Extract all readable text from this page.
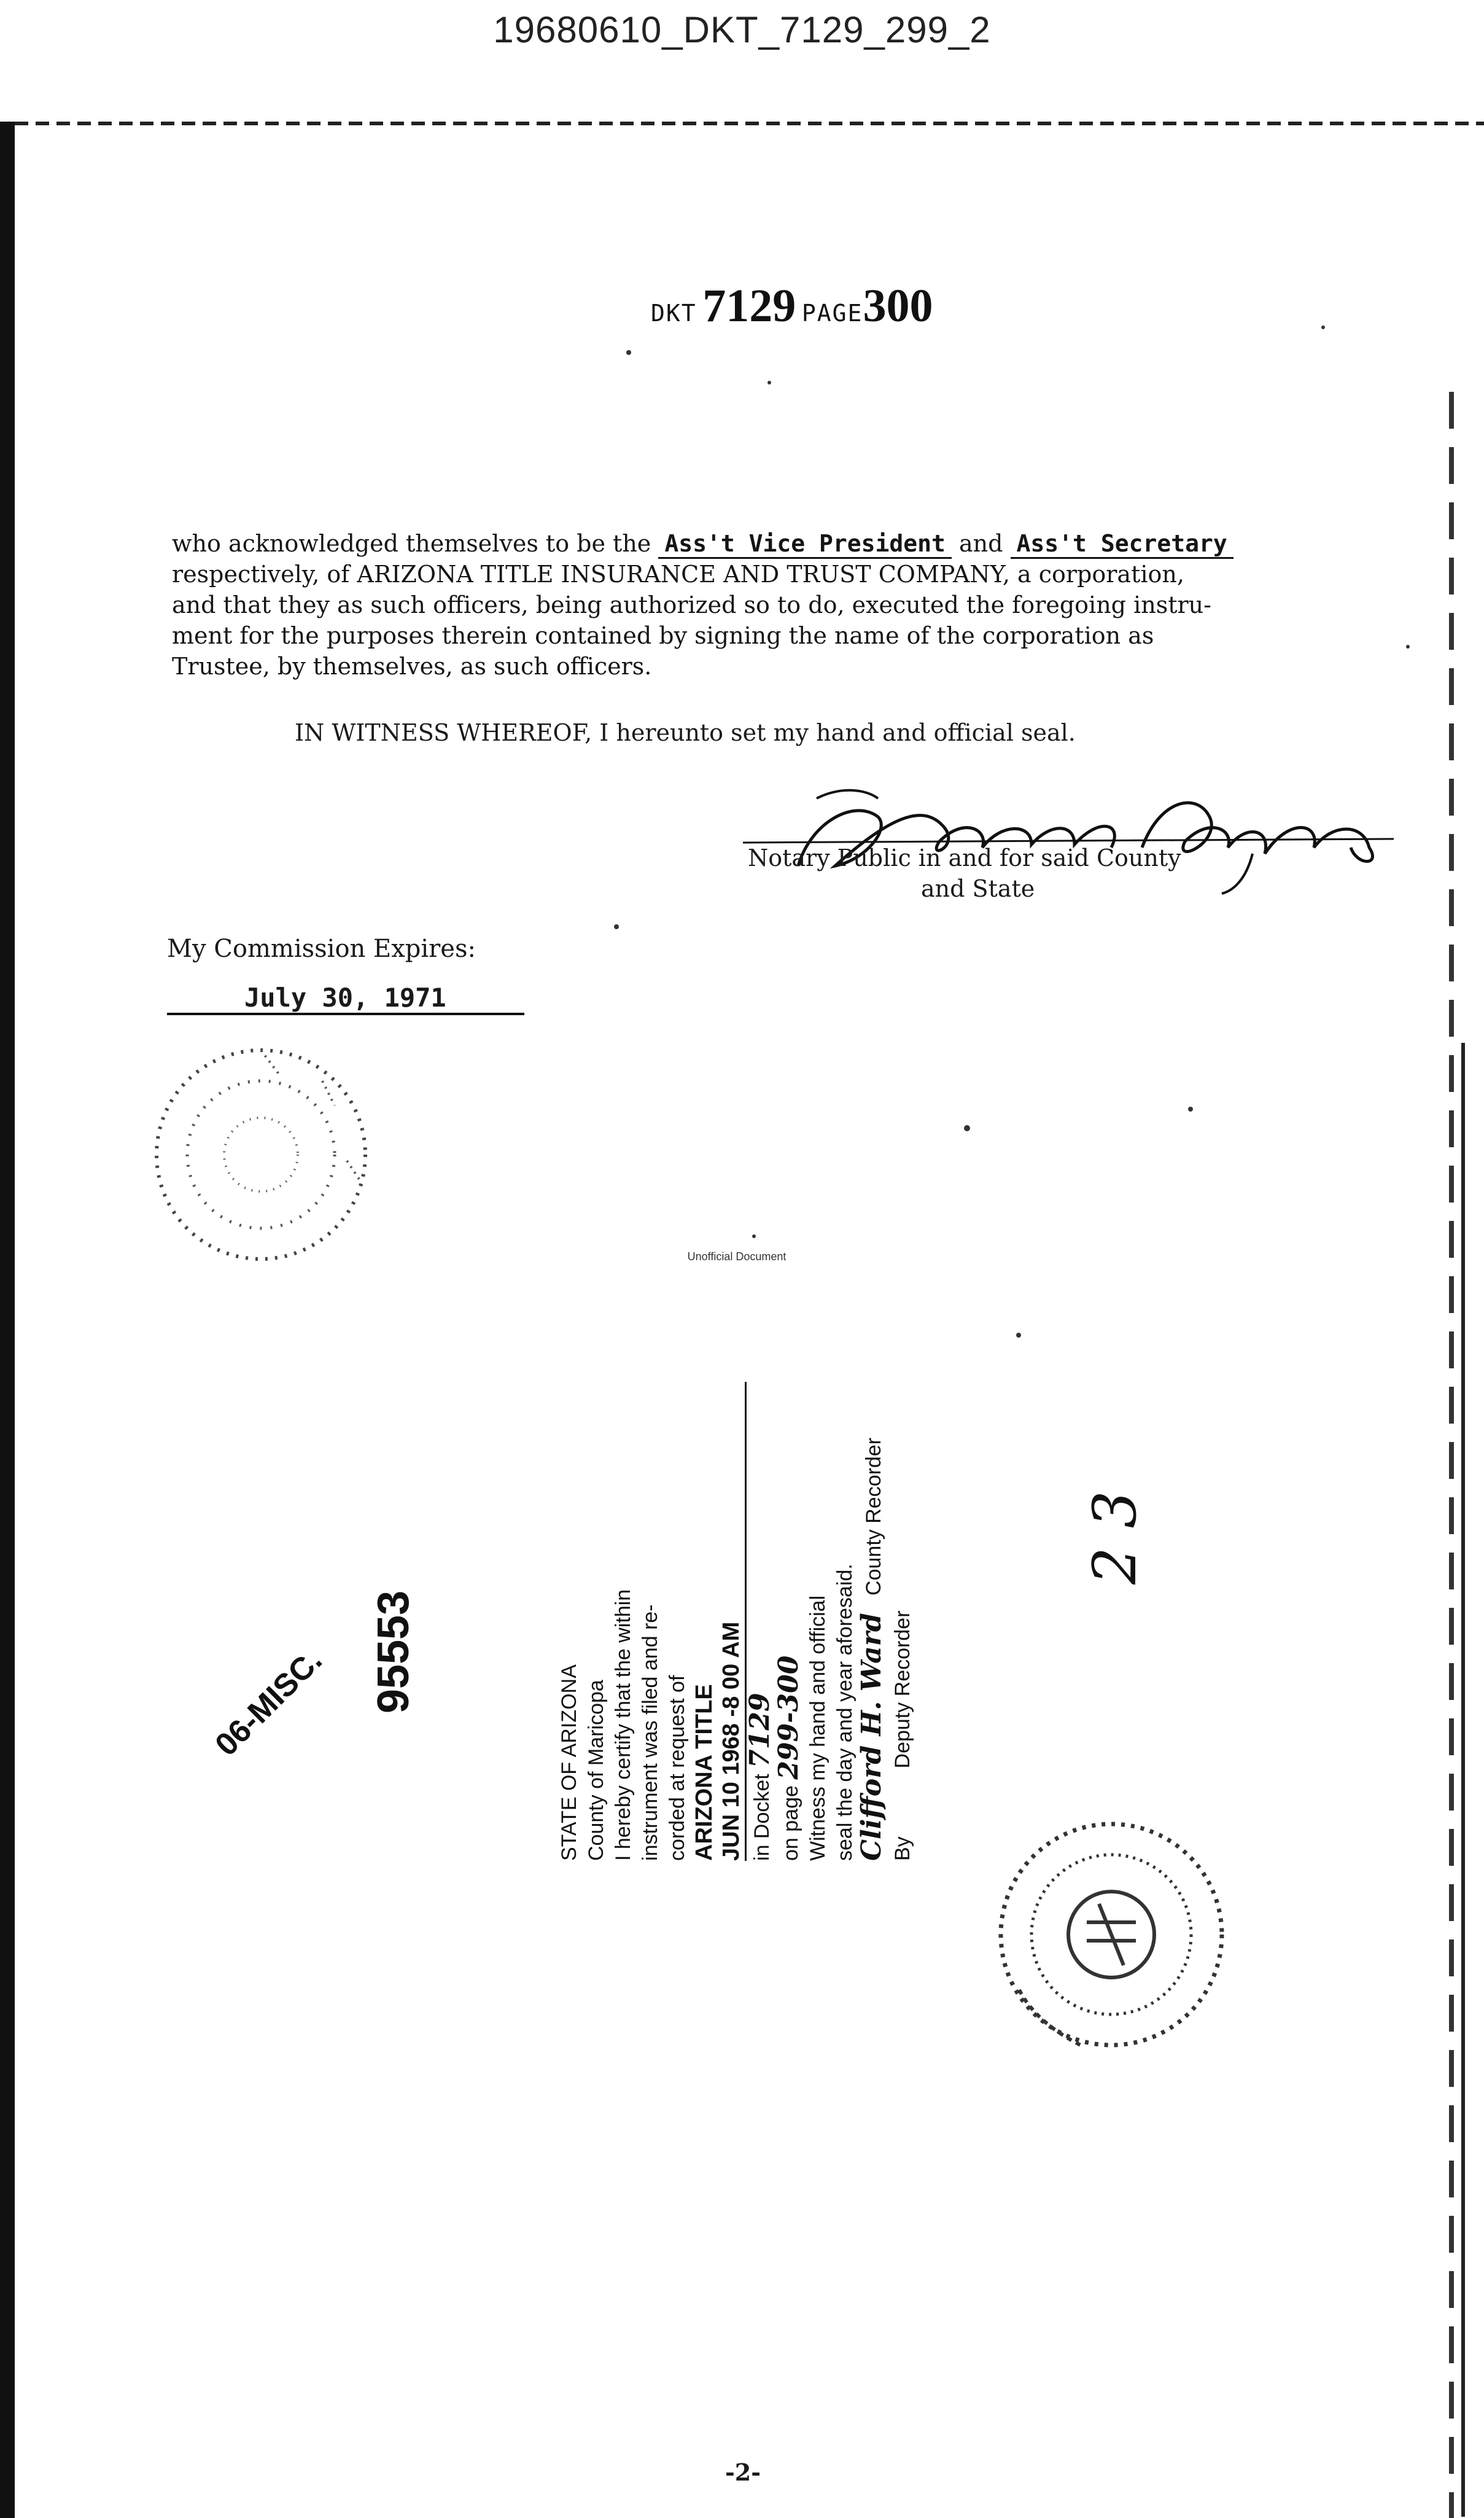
19680610_DKT_7129_299_2
DKT 7129 PAGE300
who acknowledged themselves to be the Ass't Vice President and Ass't Secretary
respectively, of ARIZONA TITLE INSURANCE AND TRUST COMPANY, a corporation,
and that they as such officers, being authorized so to do, executed the foregoing instru-
ment for the purposes therein contained by signing the name of the corporation as
Trustee, by themselves, as such officers.
IN WITNESS WHEREOF, I hereunto set my hand and official seal.
Notary Public in and for said County
and State
My Commission Expires:
July 30, 1971
Unofficial Document
06-MISC. 95553
STATE OF ARIZONA County of Maricopa I hereby certify that the within instrument was filed and re- corded at request of ARIZONA TITLE JUN 10 1968 -8 00 AM in Docket 7129
on page 299-300 Witness my hand and official seal the day and year aforesaid. Clifford H. Ward   County Recorder
By        Deputy Recorder
2 3
-2-
